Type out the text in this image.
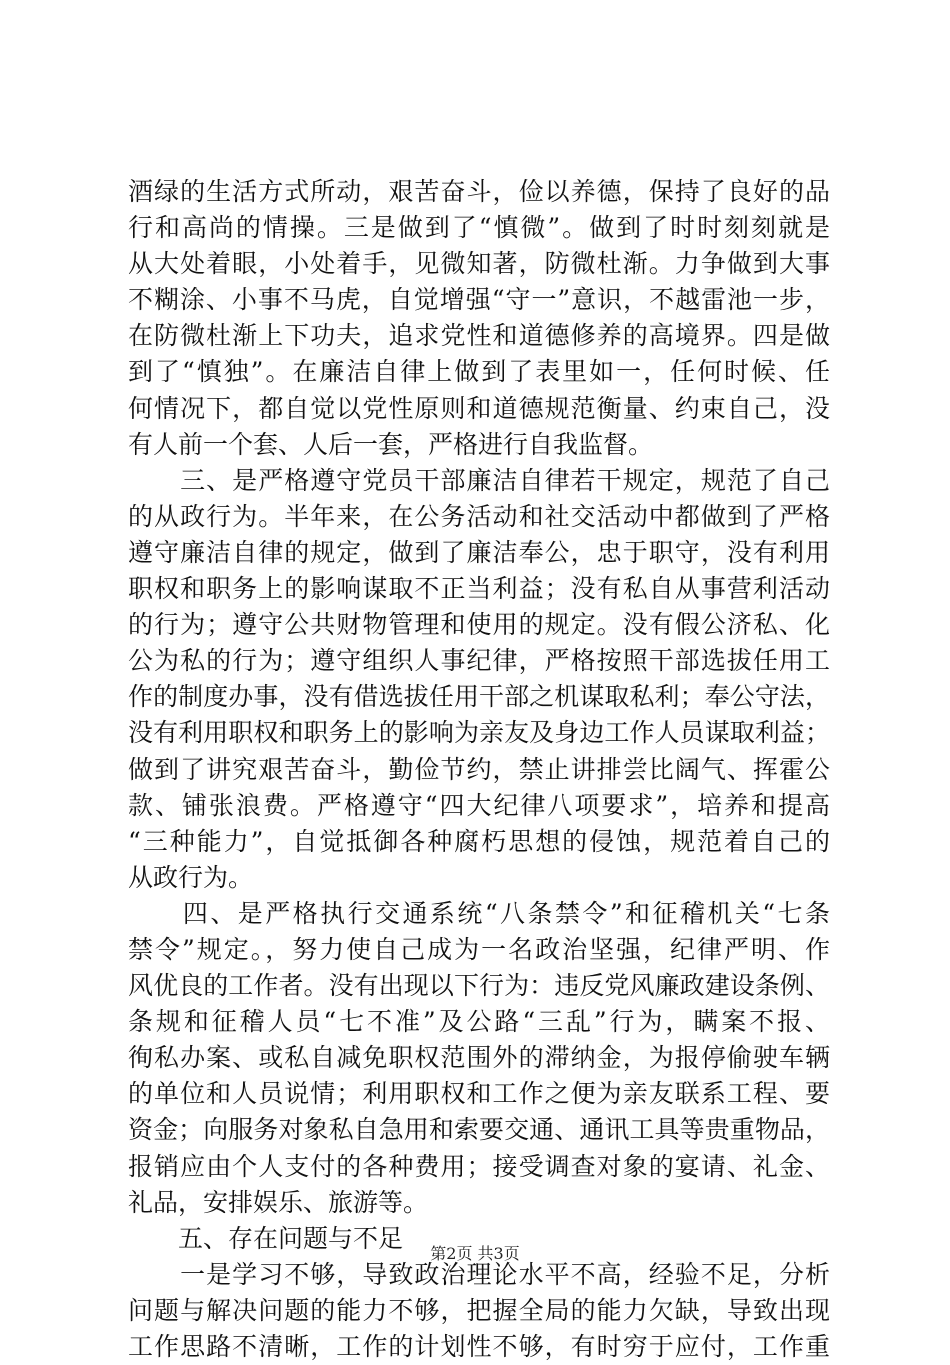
酒绿的生活方式所动，艰苦奋斗，俭以养德，保持了良好的品
行和高尚的情操。三是做到了“慎微”。做到了时时刻刻就是
从大处着眼，小处着手，见微知著，防微杜渐。力争做到大事
不糊涂、小事不马虎，自觉增强“守一”意识，不越雷池一步，
在防微杜渐上下功夫，追求党性和道德修养的高境界。四是做
到了“慎独”。在廉洁自律上做到了表里如一，任何时候、任
何情况下，都自觉以党性原则和道德规范衡量、约束自己，没
有人前一个套、人后一套，严格进行自我监督。
　　三、是严格遵守党员干部廉洁自律若干规定，规范了自己
的从政行为。半年来，在公务活动和社交活动中都做到了严格
遵守廉洁自律的规定，做到了廉洁奉公，忠于职守，没有利用
职权和职务上的影响谋取不正当利益；没有私自从事营利活动
的行为；遵守公共财物管理和使用的规定。没有假公济私、化
公为私的行为；遵守组织人事纪律，严格按照干部选拔任用工
作的制度办事，没有借选拔任用干部之机谋取私利；奉公守法，
没有利用职权和职务上的影响为亲友及身边工作人员谋取利益；
做到了讲究艰苦奋斗，勤俭节约，禁止讲排尝比阔气、挥霍公
款、铺张浪费。严格遵守“四大纪律八项要求”，培养和提高
“三种能力”，自觉抵御各种腐朽思想的侵蚀，规范着自己的
从政行为。
　　四、是严格执行交通系统“八条禁令”和征稽机关“七条
禁令”规定。，努力使自己成为一名政治坚强，纪律严明、作
风优良的工作者。没有出现以下行为：违反党风廉政建设条例、
条规和征稽人员“七不准”及公路“三乱”行为，瞒案不报、
徇私办案、或私自减免职权范围外的滞纳金，为报停偷驶车辆
的单位和人员说情；利用职权和工作之便为亲友联系工程、要
资金；向服务对象私自急用和索要交通、通讯工具等贵重物品，
报销应由个人支付的各种费用；接受调查对象的宴请、礼金、
礼品，安排娱乐、旅游等。
　　五、存在问题与不足
　　一是学习不够，导致政治理论水平不高，经验不足，分析
问题与解决问题的能力不够，把握全局的能力欠缺，导致出现
工作思路不清晰，工作的计划性不够，有时穷于应付，工作重
第2页 共3页
